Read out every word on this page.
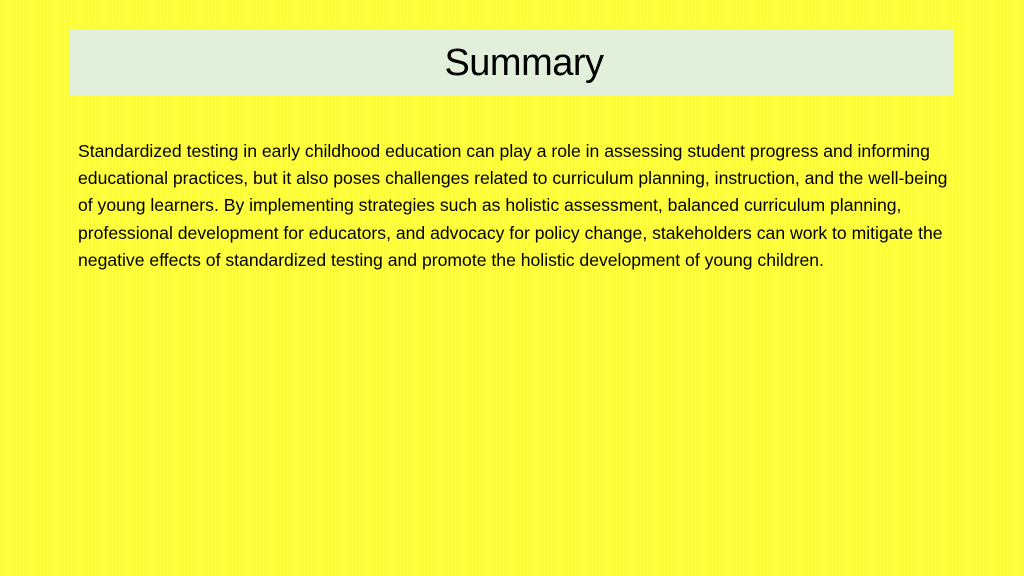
Summary

Standardized testing in early childhood education can play a role in assessing student progress and informing educational practices, but it also poses challenges related to curriculum planning, instruction, and the well-being of young learners. By implementing strategies such as holistic assessment, balanced curriculum planning, professional development for educators, and advocacy for policy change, stakeholders can work to mitigate the negative effects of standardized testing and promote the holistic development of young children.
